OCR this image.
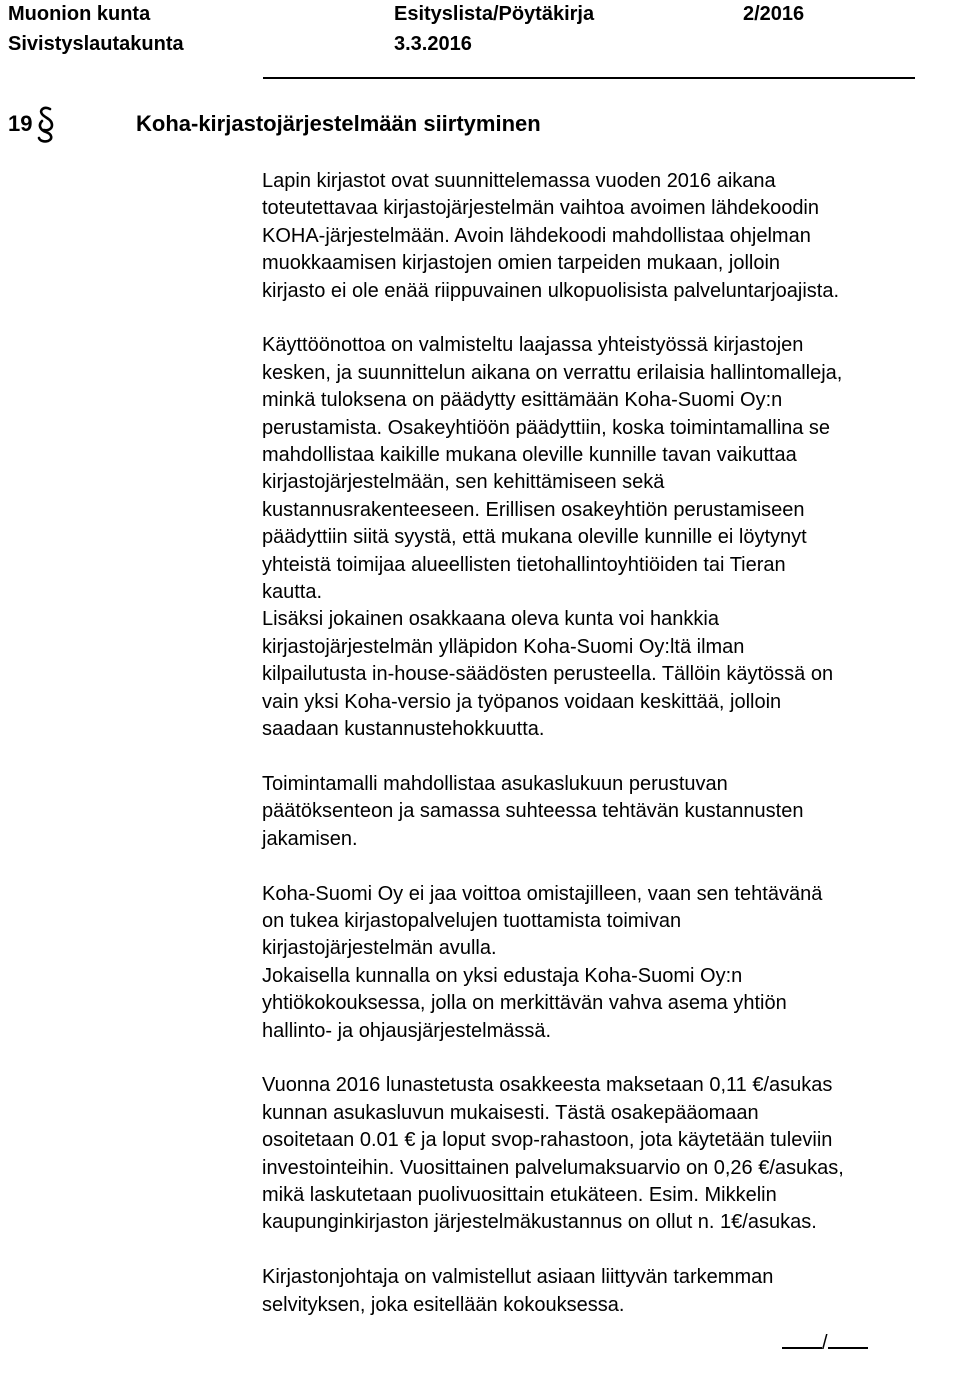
Muonion kunta	Esityslista/Pöytäkirja	2/2016
Sivistyslautakunta	3.3.2016
19	Koha-kirjastojärjestelmään siirtyminen

Lapin kirjastot ovat suunnittelemassa vuoden 2016 aikana
toteutettavaa kirjastojärjestelmän vaihtoa avoimen lähdekoodin
KOHA-järjestelmään. Avoin lähdekoodi mahdollistaa ohjelman
muokkaamisen kirjastojen omien tarpeiden mukaan, jolloin
kirjasto ei ole enää riippuvainen ulkopuolisista palveluntarjoajista.

Käyttöönottoa on valmisteltu laajassa yhteistyössä kirjastojen
kesken, ja suunnittelun aikana on verrattu erilaisia hallintomalleja,
minkä tuloksena on päädytty esittämään Koha-Suomi Oy:n
perustamista. Osakeyhtiöön päädyttiin, koska toimintamallina se
mahdollistaa kaikille mukana oleville kunnille tavan vaikuttaa
kirjastojärjestelmään, sen kehittämiseen sekä
kustannusrakenteeseen. Erillisen osakeyhtiön perustamiseen
päädyttiin siitä syystä, että mukana oleville kunnille ei löytynyt
yhteistä toimijaa alueellisten tietohallintoyhtiöiden tai Tieran
kautta.
Lisäksi jokainen osakkaana oleva kunta voi hankkia
kirjastojärjestelmän ylläpidon Koha-Suomi Oy:ltä ilman
kilpailutusta in-house-säädösten perusteella. Tällöin käytössä on
vain yksi Koha-versio ja työpanos voidaan keskittää, jolloin
saadaan kustannustehokkuutta.

Toimintamalli mahdollistaa asukaslukuun perustuvan
päätöksenteon ja samassa suhteessa tehtävän kustannusten
jakamisen.

Koha-Suomi Oy ei jaa voittoa omistajilleen, vaan sen tehtävänä
on tukea kirjastopalvelujen tuottamista toimivan
kirjastojärjestelmän avulla.
Jokaisella kunnalla on yksi edustaja Koha-Suomi Oy:n
yhtiökokouksessa, jolla on merkittävän vahva asema yhtiön
hallinto- ja ohjausjärjestelmässä.

Vuonna 2016 lunastetusta osakkeesta maksetaan 0,11 €/asukas
kunnan asukasluvun mukaisesti. Tästä osakepääomaan
osoitetaan 0.01 € ja loput svop-rahastoon, jota käytetään tuleviin
investointeihin. Vuosittainen palvelumaksuarvio on 0,26 €/asukas,
mikä laskutetaan puolivuosittain etukäteen. Esim. Mikkelin
kaupunginkirjaston järjestelmäkustannus on ollut n. 1€/asukas.

Kirjastonjohtaja on valmistellut asiaan liittyvän tarkemman
selvityksen, joka esitellään kokouksessa.

/
